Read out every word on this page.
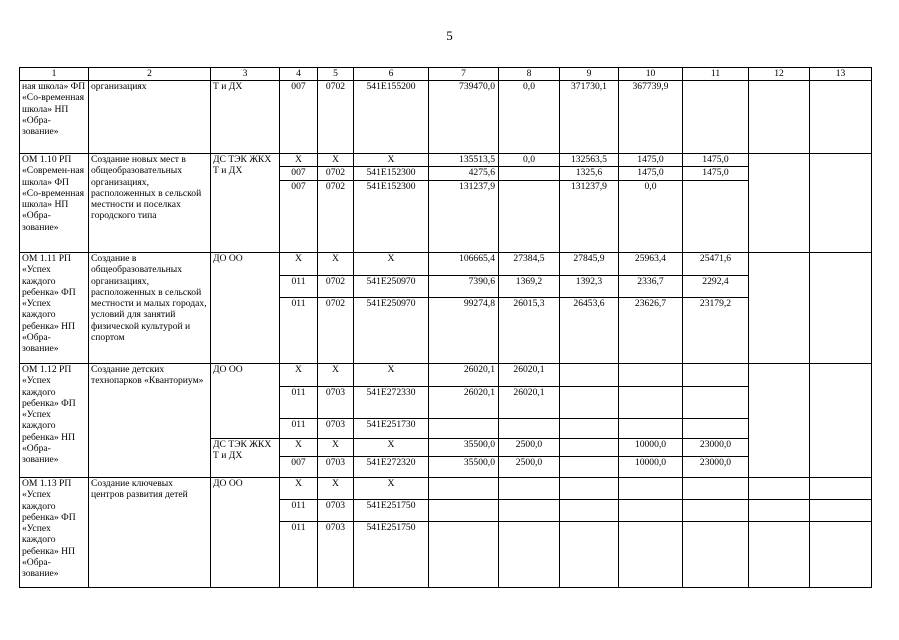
5
1	2	3	4	5	6	7	8	9	10	11	12	13
ная школа» ФП «Со-временная школа» НП «Обра-зование»	организациях	Т и ДХ	007	0702	541E155200	739470,0	0,0	371730,1	367739,9			
ОМ 1.10 РП «Современ-ная школа» ФП «Со-временная школа» НП «Обра-зование»	Создание новых мест в общеобразовательных организациях, расположенных в сельской местности и поселках городского типа	ДС ТЭК ЖКХ Т и ДХ	Х	Х	Х	135513,5	0,0	132563,5	1475,0	1475,0		
			007	0702	541E152300	4275,6		1325,6	1475,0	1475,0		
			007	0702	541E152300	131237,9		131237,9	0,0			
ОМ 1.11 РП «Успех каждого ребенка» ФП «Успех каждого ребенка» НП «Обра-зование»	Создание в общеобразовательных организациях, расположенных в сельской местности и малых городах, условий для занятий физической культурой и спортом	ДО ОО	Х	Х	Х	106665,4	27384,5	27845,9	25963,4	25471,6		
			011	0702	541E250970	7390,6	1369,2	1392,3	2336,7	2292,4		
			011	0702	541E250970	99274,8	26015,3	26453,6	23626,7	23179,2		
ОМ 1.12 РП «Успех каждого ребенка» ФП «Успех каждого ребенка» НП «Обра-зование»	Создание детских технопарков «Кванториум»	ДО ОО	Х	Х	Х	26020,1	26020,1					
			011	0703	541E272330	26020,1	26020,1					
			011	0703	541E251730							
		ДС ТЭК ЖКХ Т и ДХ	Х	Х	Х	35500,0	2500,0		10000,0	23000,0		
			007	0703	541E272320	35500,0	2500,0		10000,0	23000,0		
ОМ 1.13 РП «Успех каждого ребенка» ФП «Успех каждого ребенка» НП «Обра-зование»	Создание ключевых центров развития детей	ДО ОО	Х	Х	Х							
			011	0703	541E251750							
			011	0703	541E251750							
